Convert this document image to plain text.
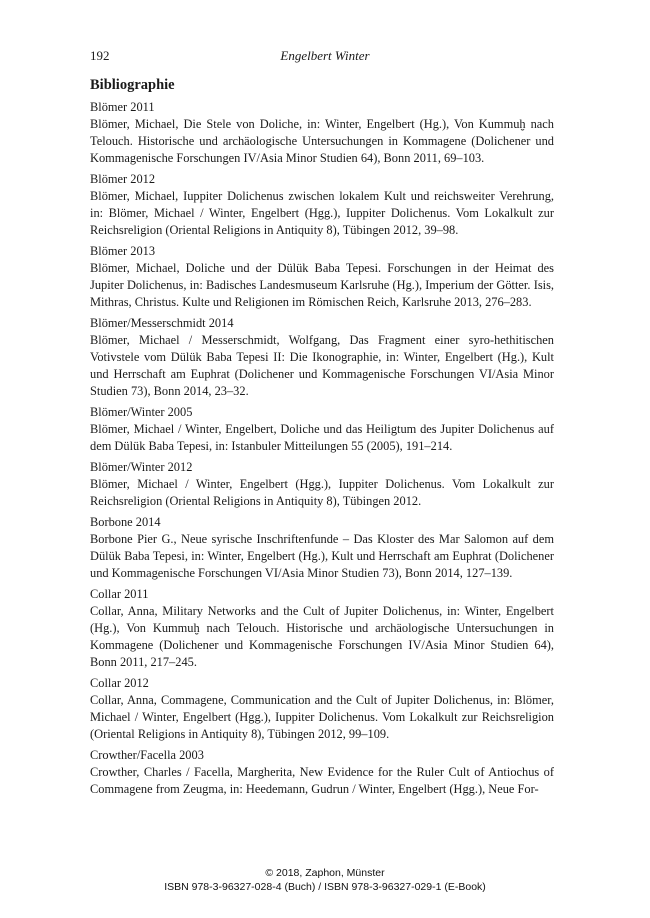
192	Engelbert Winter
Bibliographie
Blömer 2011
Blömer, Michael, Die Stele von Doliche, in: Winter, Engelbert (Hg.), Von Kummuḫ nach Telouch. Historische und archäologische Untersuchungen in Kommagene (Dolichener und Kommagenische Forschungen IV/Asia Minor Studien 64), Bonn 2011, 69–103.
Blömer 2012
Blömer, Michael, Iuppiter Dolichenus zwischen lokalem Kult und reichsweiter Verehrung, in: Blömer, Michael / Winter, Engelbert (Hgg.), Iuppiter Dolichenus. Vom Lokalkult zur Reichsreligion (Oriental Religions in Antiquity 8), Tübingen 2012, 39–98.
Blömer 2013
Blömer, Michael, Doliche und der Dülük Baba Tepesi. Forschungen in der Heimat des Jupiter Dolichenus, in: Badisches Landesmuseum Karlsruhe (Hg.), Imperium der Götter. Isis, Mithras, Christus. Kulte und Religionen im Römischen Reich, Karlsruhe 2013, 276–283.
Blömer/Messerschmidt 2014
Blömer, Michael / Messerschmidt, Wolfgang, Das Fragment einer syro-hethitischen Votivstele vom Dülük Baba Tepesi II: Die Ikonographie, in: Winter, Engelbert (Hg.), Kult und Herrschaft am Euphrat (Dolichener und Kommagenische Forschungen VI/Asia Minor Studien 73), Bonn 2014, 23–32.
Blömer/Winter 2005
Blömer, Michael / Winter, Engelbert, Doliche und das Heiligtum des Jupiter Dolichenus auf dem Dülük Baba Tepesi, in: Istanbuler Mitteilungen 55 (2005), 191–214.
Blömer/Winter 2012
Blömer, Michael / Winter, Engelbert (Hgg.), Iuppiter Dolichenus. Vom Lokalkult zur Reichsreligion (Oriental Religions in Antiquity 8), Tübingen 2012.
Borbone 2014
Borbone Pier G., Neue syrische Inschriftenfunde – Das Kloster des Mar Salomon auf dem Dülük Baba Tepesi, in: Winter, Engelbert (Hg.), Kult und Herrschaft am Euphrat (Dolichener und Kommagenische Forschungen VI/Asia Minor Studien 73), Bonn 2014, 127–139.
Collar 2011
Collar, Anna, Military Networks and the Cult of Jupiter Dolichenus, in: Winter, Engelbert (Hg.), Von Kummuḫ nach Telouch. Historische und archäologische Untersuchungen in Kommagene (Dolichener und Kommagenische Forschungen IV/Asia Minor Studien 64), Bonn 2011, 217–245.
Collar 2012
Collar, Anna, Commagene, Communication and the Cult of Jupiter Dolichenus, in: Blömer, Michael / Winter, Engelbert (Hgg.), Iuppiter Dolichenus. Vom Lokalkult zur Reichsreligion (Oriental Religions in Antiquity 8), Tübingen 2012, 99–109.
Crowther/Facella 2003
Crowther, Charles / Facella, Margherita, New Evidence for the Ruler Cult of Antiochus of Commagene from Zeugma, in: Heedemann, Gudrun / Winter, Engelbert (Hgg.), Neue For-
© 2018, Zaphon, Münster
ISBN 978-3-96327-028-4 (Buch) / ISBN 978-3-96327-029-1 (E-Book)
